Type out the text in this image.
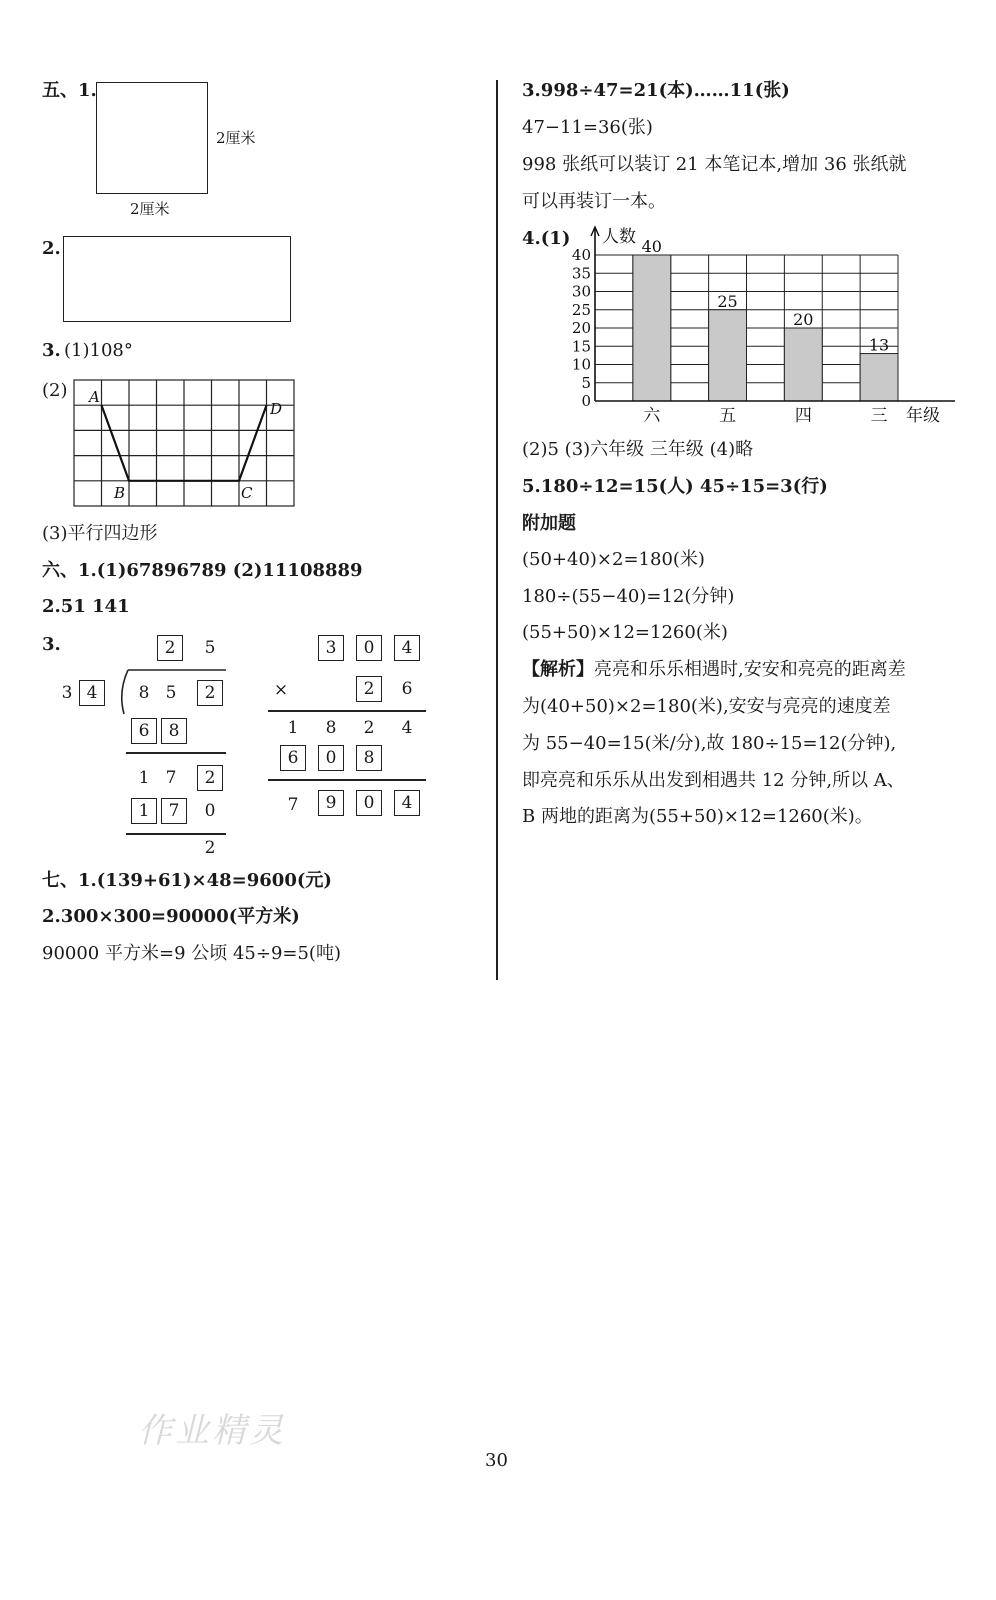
五、1.
2厘米
2厘米
2.
3. (1)108°
(2) A
D
B	C
(3)平行四边形
六、1.(1)67896789 (2)11108889
2.51 141
3.	2	5
3 4	8 5	2
6	8
1 7	2
1	7	0
2
3	0	4
×	2	6
1	8	2	4
6	0	8
7	9	0	4
七、1.(139+61)×48=9600(元)
2.300×300=90000(平方米)
90000 平方米=9 公顷 45÷9=5(吨)
3.998÷47=21(本)……11(张)
47−11=36(张)
998 张纸可以装订 21 本笔记本,增加 36 张纸就
可以再装订一本。
4.(1)
0
5
10
15
20
25
30
35
40
六	五	四	三
40
25
20
13
人数
年级
(2)5 (3)六年级 三年级 (4)略
5.180÷12=15(人) 45÷15=3(行)
附加题
(50+40)×2=180(米)
180÷(55−40)=12(分钟)
(55+50)×12=1260(米)
【解析】亮亮和乐乐相遇时,安安和亮亮的距离差
为(40+50)×2=180(米),安安与亮亮的速度差
为 55−40=15(米/分),故 180÷15=12(分钟),
即亮亮和乐乐从出发到相遇共 12 分钟,所以 A、
B 两地的距离为(55+50)×12=1260(米)。
作业精灵
30
